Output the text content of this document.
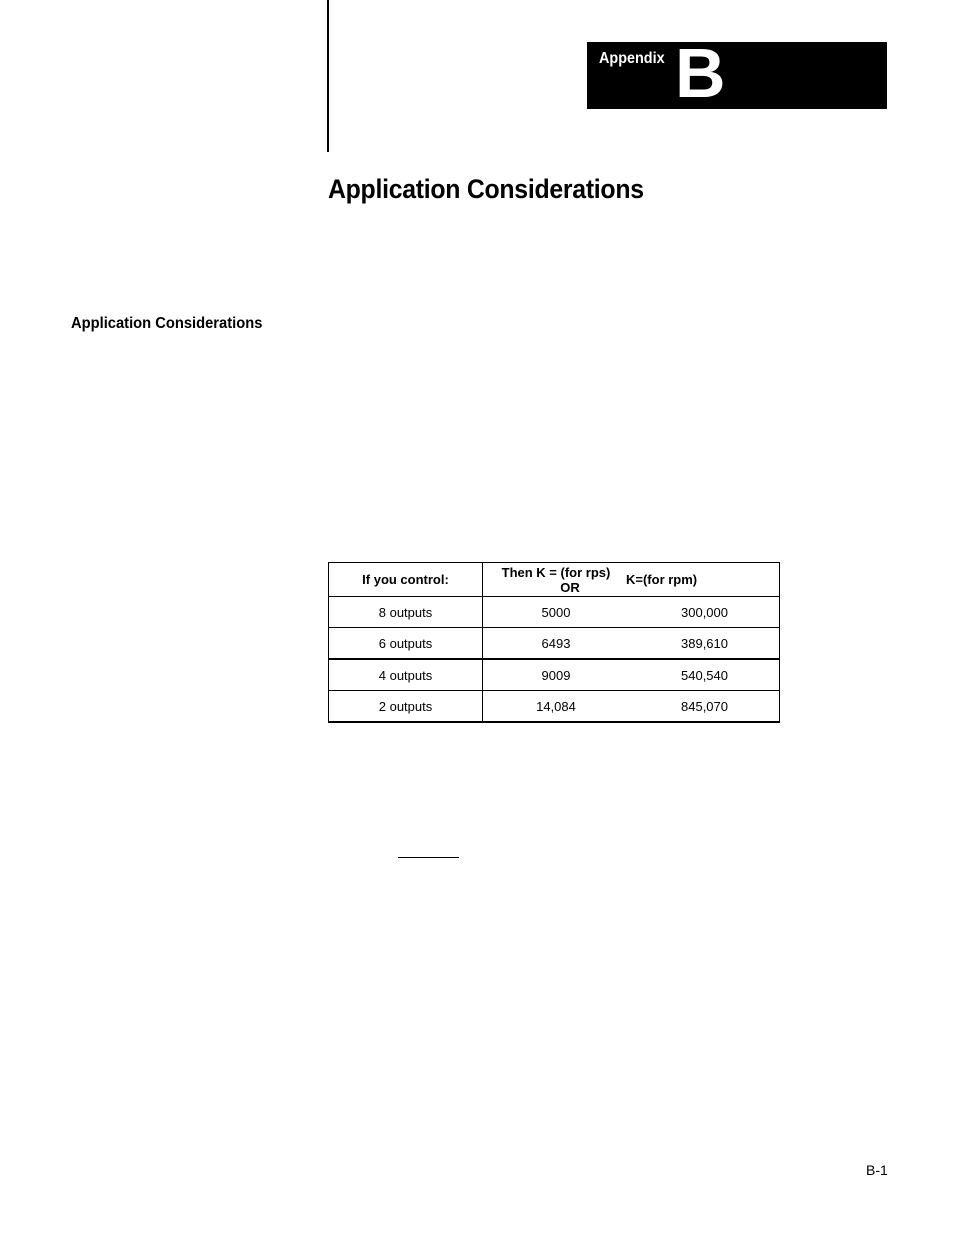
Appendix B
Application Considerations
Application Considerations
If you control:	Then K = (for rps)OR	K=(for rpm)
8 outputs	5000	300,000
6 outputs	6493	389,610
4 outputs	9009	540,540
2 outputs	14,084	845,070
B-1
